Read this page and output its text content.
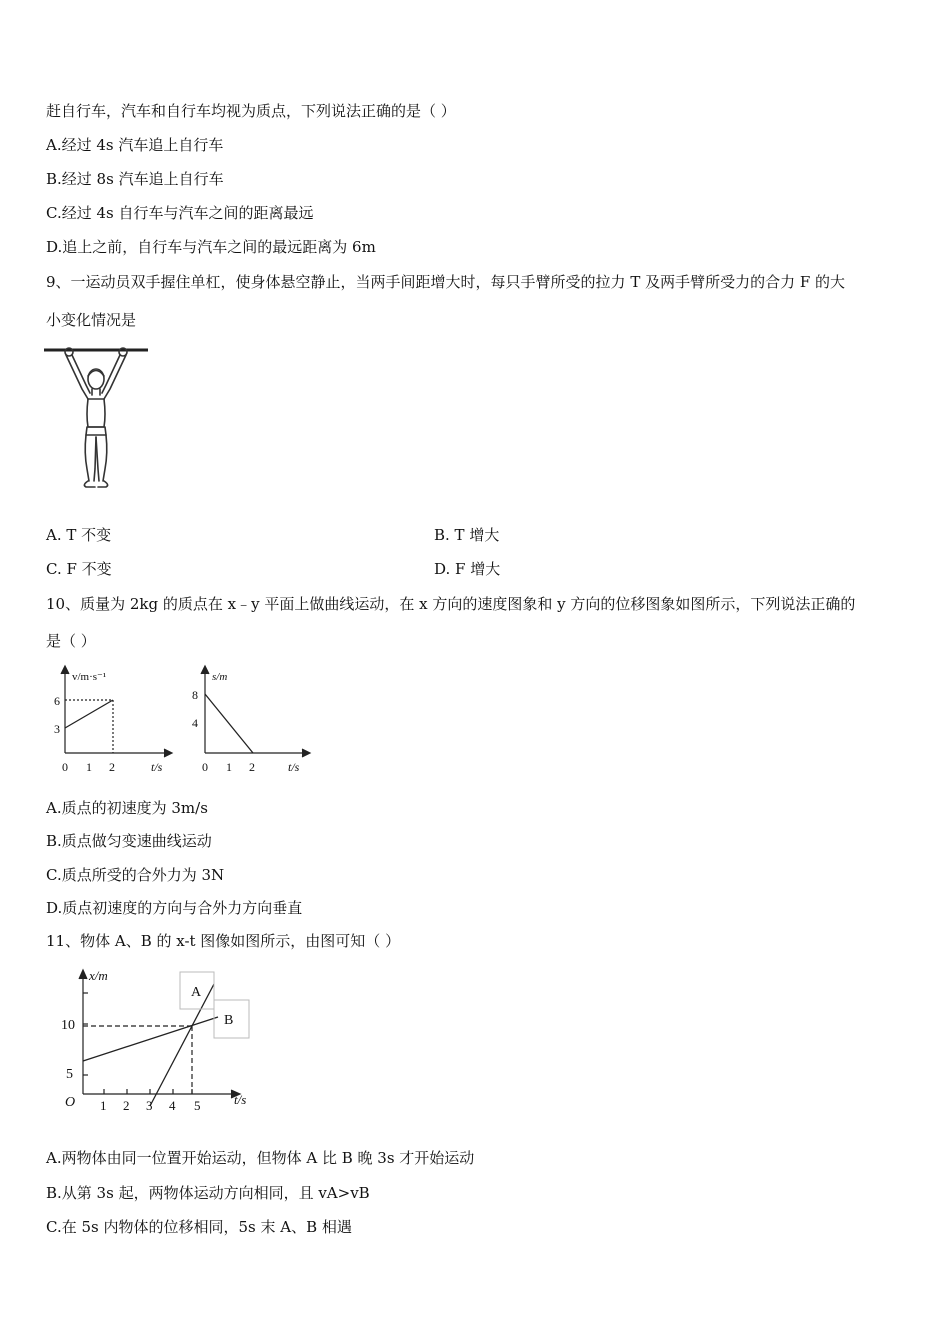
赶自行车，汽车和自行车均视为质点，下列说法正确的是（ ）
A.经过 4s 汽车追上自行车
B.经过 8s 汽车追上自行车
C.经过 4s 自行车与汽车之间的距离最远
D.追上之前，自行车与汽车之间的最远距离为 6m
9、一运动员双手握住单杠，使身体悬空静止，当两手间距增大时，每只手臂所受的拉力 T 及两手臂所受力的合力 F 的大
小变化情况是
A. T 不变	B. T 增大
C. F 不变	D. F 增大
10、质量为 2kg 的质点在 x﹣y 平面上做曲线运动，在 x 方向的速度图象和 y 方向的位移图象如图所示，下列说法正确的
是（ ）
v/m·s⁻¹
6
3
0 1 2	t/s
s/m
8
4
0 1 2	t/s
A.质点的初速度为 3m/s
B.质点做匀变速曲线运动
C.质点所受的合外力为 3N
D.质点初速度的方向与合外力方向垂直
11、物体 A、B 的 x-t 图像如图所示，由图可知（ ）
A
B
x/m
10
5
O 1 2 3 4 5	t/s
A.两物体由同一位置开始运动，但物体 A 比 B 晚 3s 才开始运动
B.从第 3s 起，两物体运动方向相同，且 vA>vB
C.在 5s 内物体的位移相同，5s 末 A、B 相遇
